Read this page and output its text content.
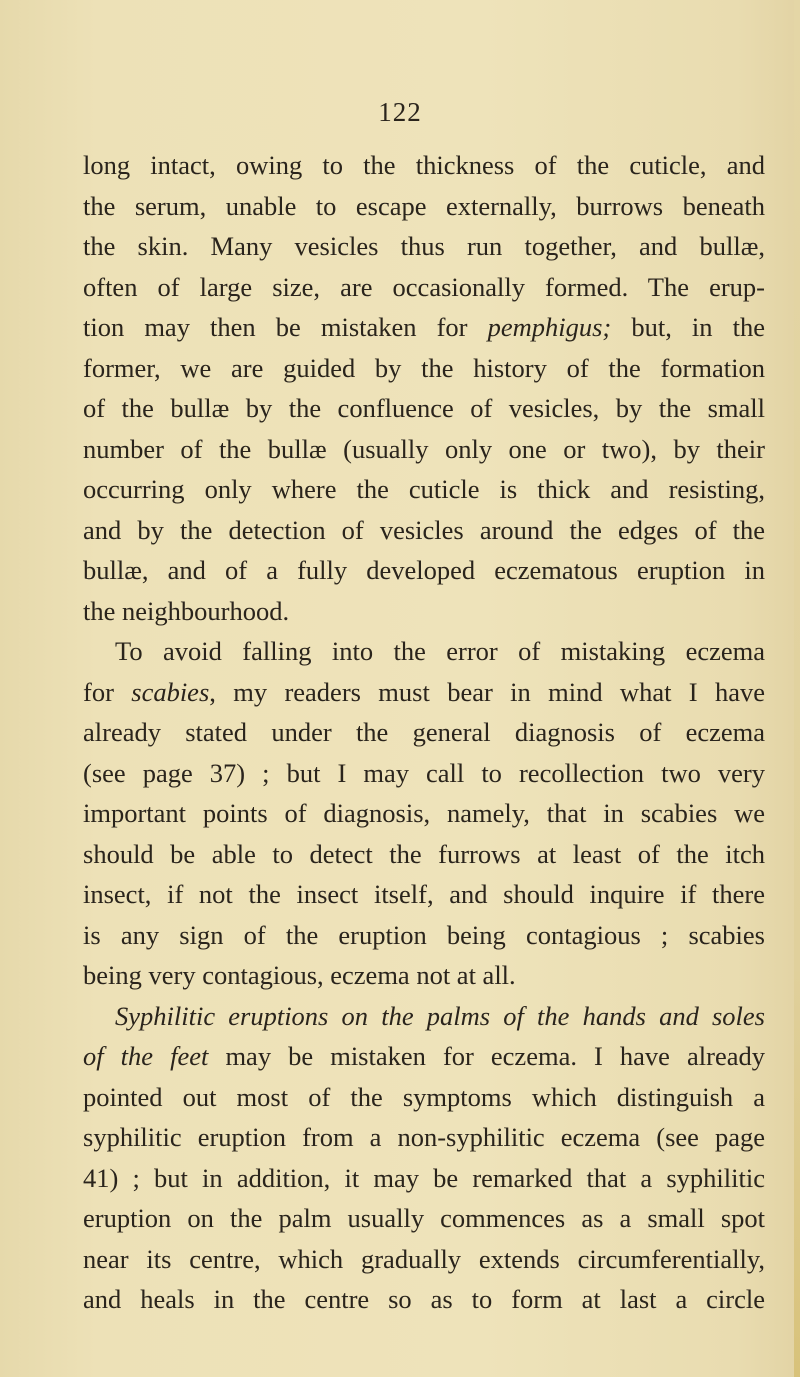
122
long intact, owing to the thickness of the cuticle, and
the serum, unable to escape externally, burrows beneath
the skin. Many vesicles thus run together, and bullæ,
often of large size, are occasionally formed. The erup-
tion may then be mistaken for pemphigus; but, in the
former, we are guided by the history of the formation
of the bullæ by the confluence of vesicles, by the small
number of the bullæ (usually only one or two), by their
occurring only where the cuticle is thick and resisting,
and by the detection of vesicles around the edges of the
bullæ, and of a fully developed eczematous eruption in
the neighbourhood.
To avoid falling into the error of mistaking eczema
for scabies, my readers must bear in mind what I have
already stated under the general diagnosis of eczema
(see page 37) ; but I may call to recollection two very
important points of diagnosis, namely, that in scabies we
should be able to detect the furrows at least of the itch
insect, if not the insect itself, and should inquire if there
is any sign of the eruption being contagious ; scabies
being very contagious, eczema not at all.
Syphilitic eruptions on the palms of the hands and soles
of the feet may be mistaken for eczema. I have already
pointed out most of the symptoms which distinguish a
syphilitic eruption from a non-syphilitic eczema (see page
41) ; but in addition, it may be remarked that a syphilitic
eruption on the palm usually commences as a small spot
near its centre, which gradually extends circumferentially,
and heals in the centre so as to form at last a circle
